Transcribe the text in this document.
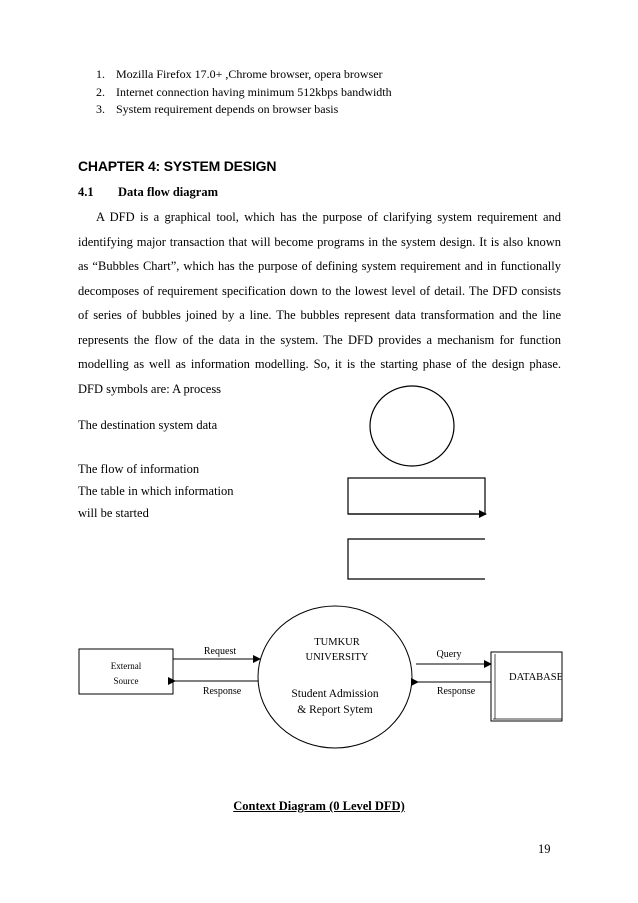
1. Mozilla Firefox 17.0+ ,Chrome browser, opera browser
2. Internet connection having minimum 512kbps bandwidth
3. System requirement depends on browser basis
CHAPTER 4: SYSTEM DESIGN
4.1 Data flow diagram
A DFD is a graphical tool, which has the purpose of clarifying system requirement and identifying major transaction that will become programs in the system design. It is also known as “Bubbles Chart”, which has the purpose of defining system requirement and in functionally decomposes of requirement specification down to the lowest level of detail. The DFD consists of series of bubbles joined by a line. The bubbles represent data transformation and the line represents the flow of the data in the system. The DFD provides a mechanism for function modelling as well as information modelling. So, it is the starting phase of the design phase. DFD symbols are: A process
The destination system data
The flow of information
The table in which information
will be started
External
Source
Request
Response
TUMKUR
UNIVERSITY
Student Admission
& Report Sytem
Query
Response
DATABASE
Context Diagram (0 Level DFD)
19
